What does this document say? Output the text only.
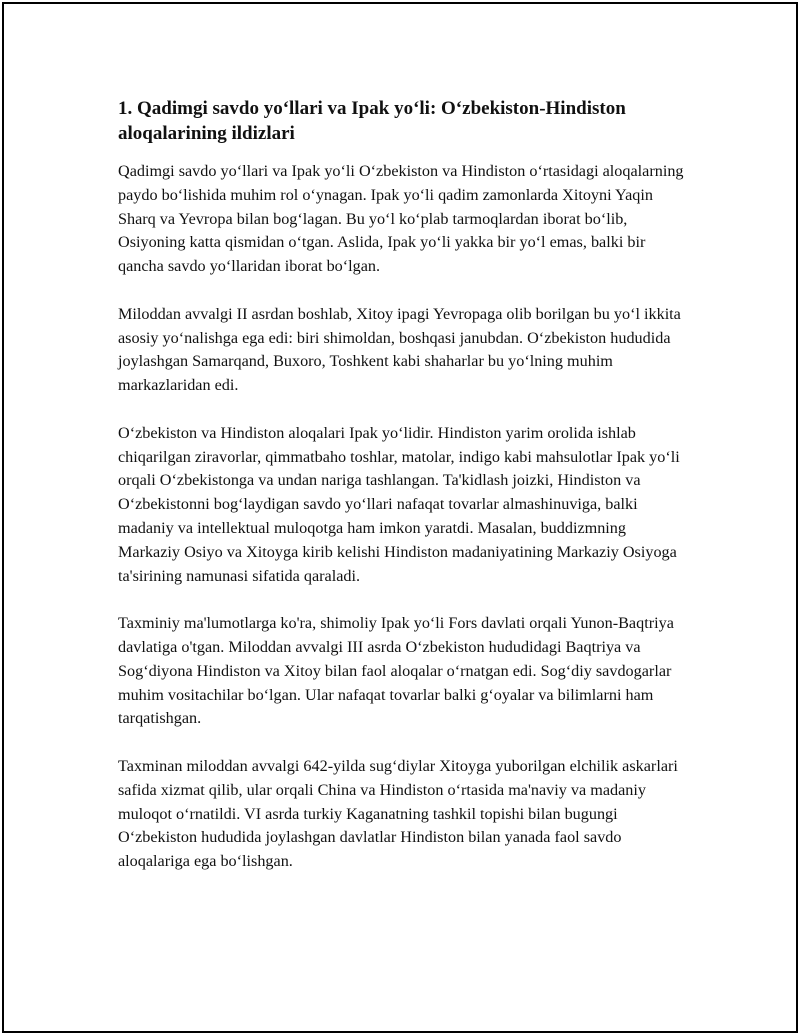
1. Qadimgi savdo yoʻllari va Ipak yoʻli: Oʻzbekiston-Hindiston aloqalarining ildizlari

Qadimgi savdo yoʻllari va Ipak yoʻli Oʻzbekiston va Hindiston oʻrtasidagi aloqalarning paydo boʻlishida muhim rol oʻynagan. Ipak yoʻli qadim zamonlarda Xitoyni Yaqin Sharq va Yevropa bilan bogʻlagan. Bu yoʻl koʻplab tarmoqlardan iborat boʻlib, Osiyoning katta qismidan oʻtgan. Aslida, Ipak yoʻli yakka bir yoʻl emas, balki bir qancha savdo yoʻllaridan iborat boʻlgan.

Miloddan avvalgi II asrdan boshlab, Xitoy ipagi Yevropaga olib borilgan bu yoʻl ikkita asosiy yoʻnalishga ega edi: biri shimoldan, boshqasi janubdan. Oʻzbekiston hududida joylashgan Samarqand, Buxoro, Toshkent kabi shaharlar bu yoʻlning muhim markazlaridan edi.

Oʻzbekiston va Hindiston aloqalari Ipak yoʻlidir. Hindiston yarim orolida ishlab chiqarilgan ziravorlar, qimmatbaho toshlar, matolar, indigo kabi mahsulotlar Ipak yoʻli orqali Oʻzbekistonga va undan nariga tashlangan. Ta'kidlash joizki, Hindiston va Oʻzbekistonni bogʻlaydigan savdo yoʻllari nafaqat tovarlar almashinuviga, balki madaniy va intellektual muloqotga ham imkon yaratdi. Masalan, buddizmning Markaziy Osiyo va Xitoyga kirib kelishi Hindiston madaniyatining Markaziy Osiyoga ta'sirining namunasi sifatida qaraladi.

Taxminiy ma'lumotlarga ko'ra, shimoliy Ipak yoʻli Fors davlati orqali Yunon-Baqtriya davlatiga o'tgan. Miloddan avvalgi III asrda Oʻzbekiston hududidagi Baqtriya va Sogʻdiyona Hindiston va Xitoy bilan faol aloqalar oʻrnatgan edi. Sogʻdiy savdogarlar muhim vositachilar boʻlgan. Ular nafaqat tovarlar balki gʻoyalar va bilimlarni ham tarqatishgan.

Taxminan miloddan avvalgi 642-yilda sugʻdiylar Xitoyga yuborilgan elchilik askarlari safida xizmat qilib, ular orqali China va Hindiston oʻrtasida ma'naviy va madaniy muloqot oʻrnatildi. VI asrda turkiy Kaganatning tashkil topishi bilan bugungi Oʻzbekiston hududida joylashgan davlatlar Hindiston bilan yanada faol savdo aloqalariga ega boʻlishgan.
